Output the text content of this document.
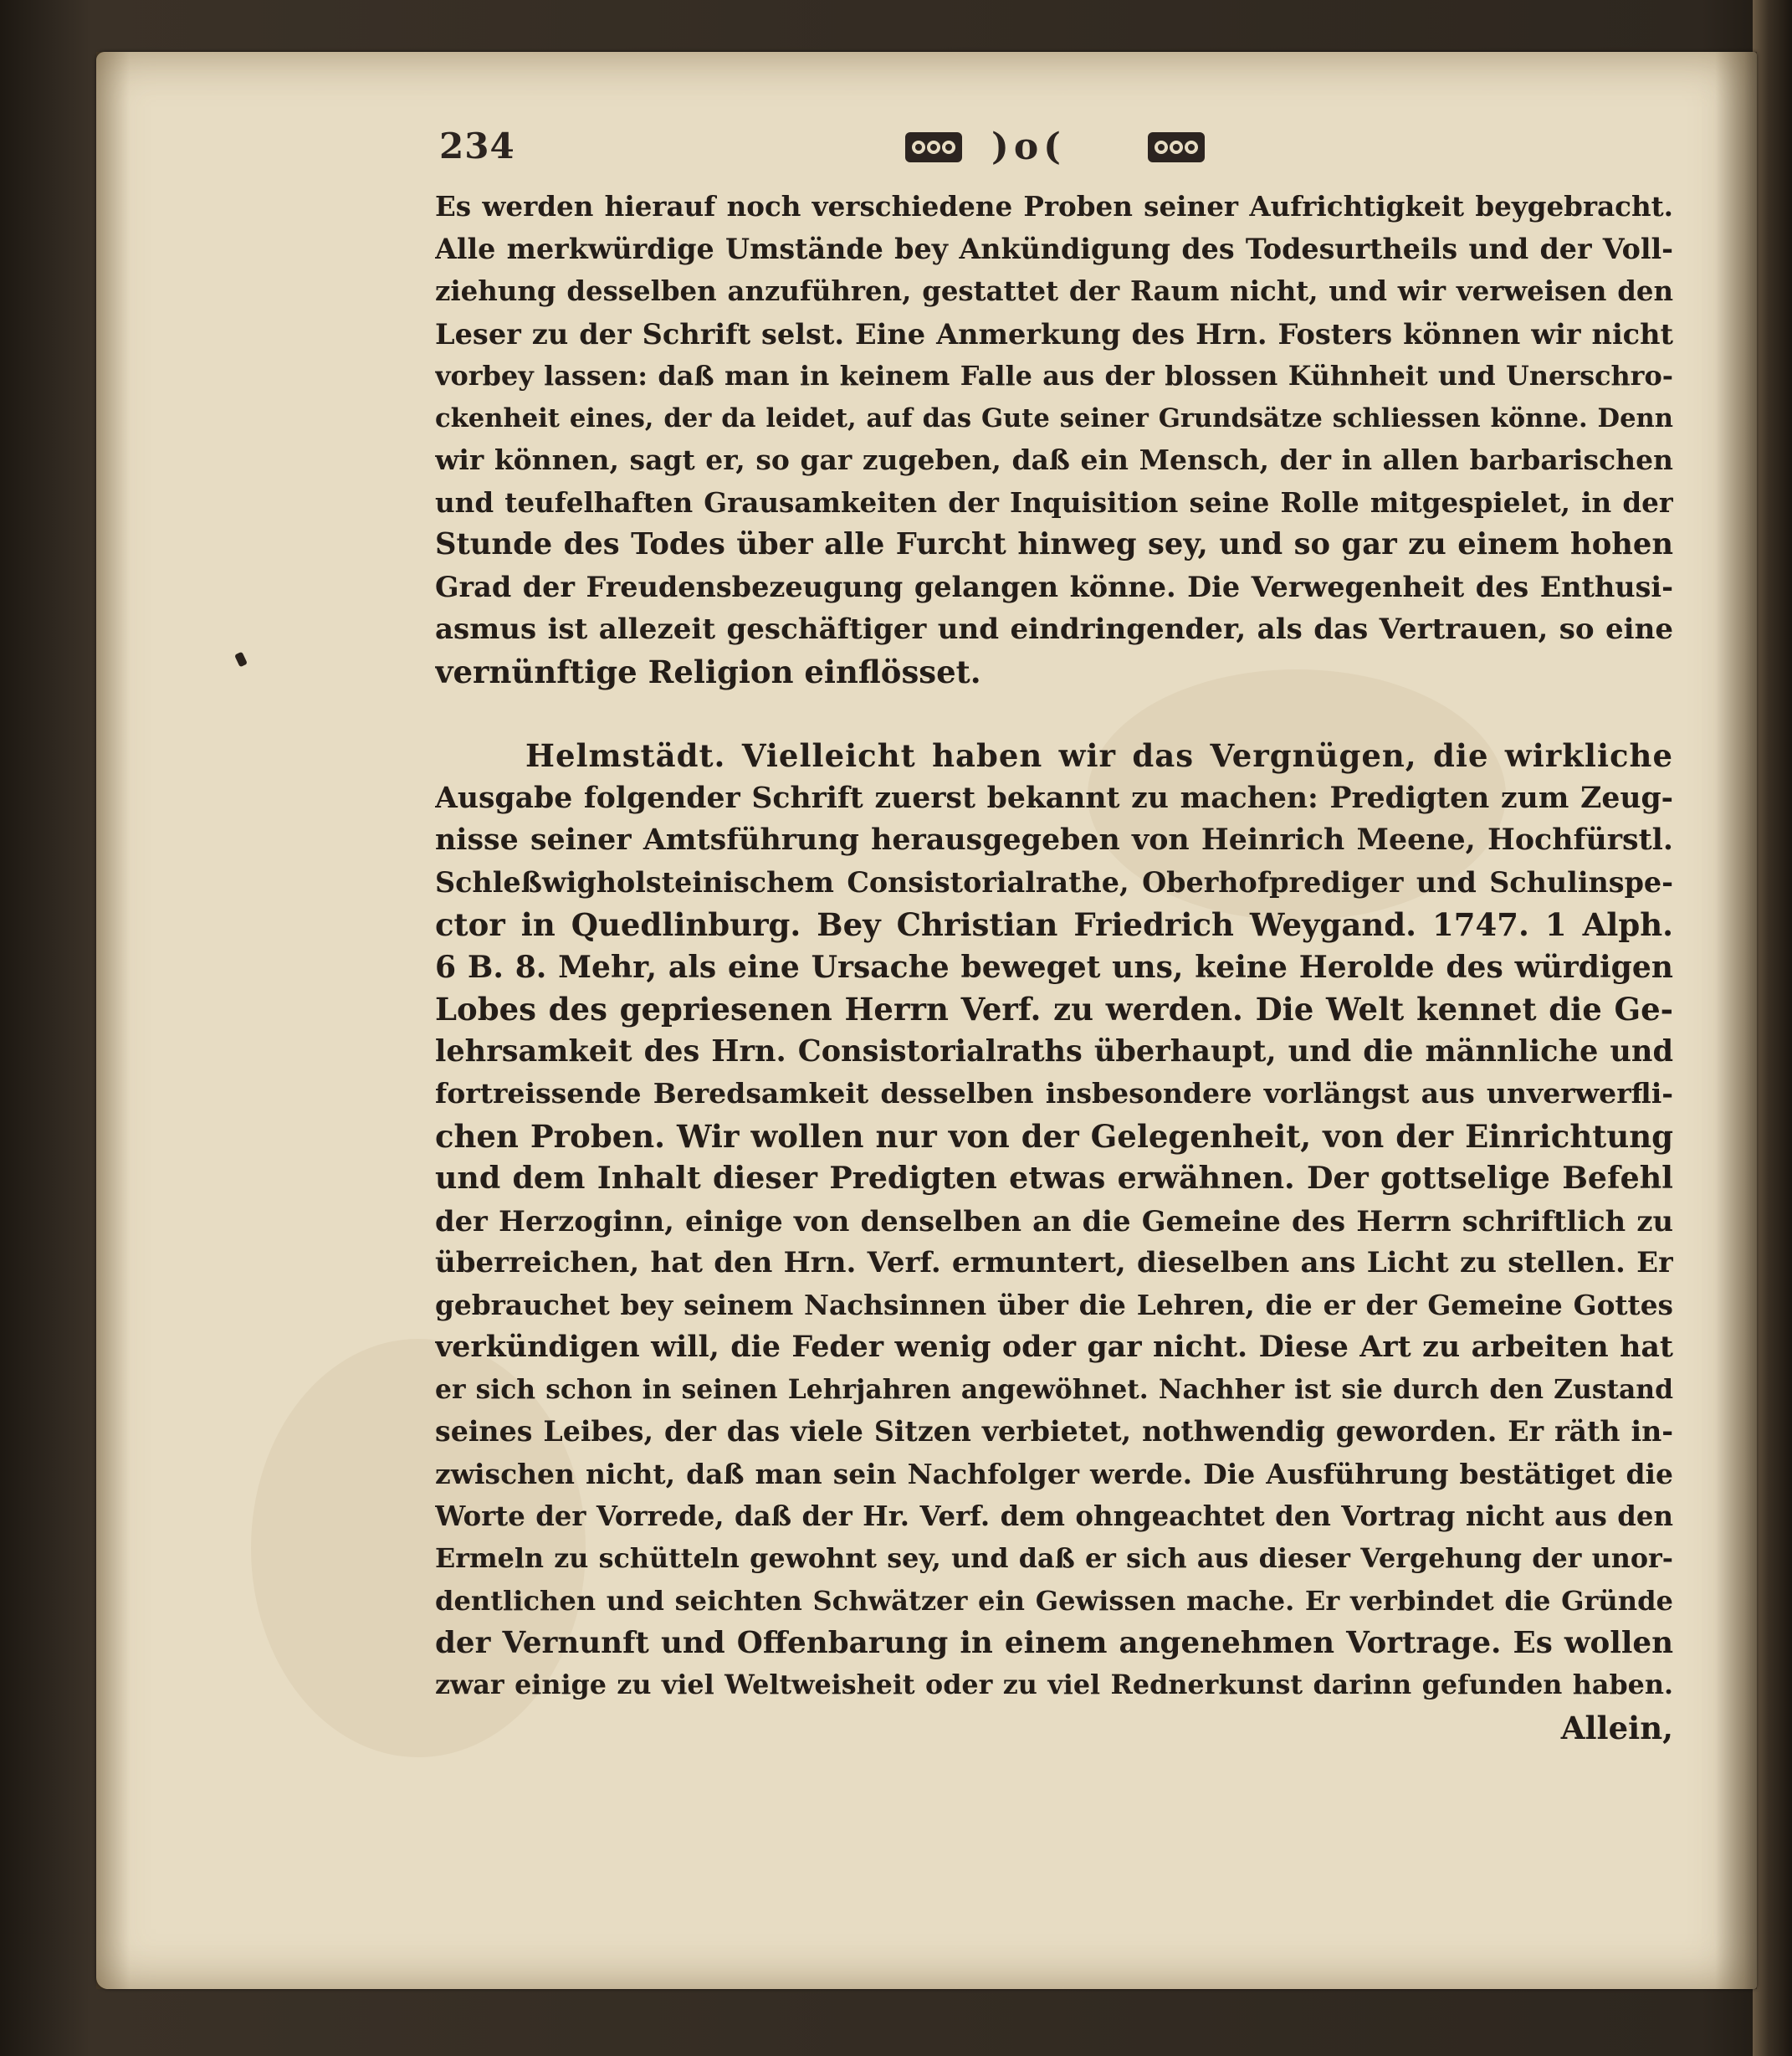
234	)o(
Es werden hierauf noch verschiedene Proben seiner Aufrichtigkeit beygebracht.
Alle merkwürdige Umstände bey Ankündigung des Todesurtheils und der Voll-
ziehung desselben anzuführen, gestattet der Raum nicht, und wir verweisen den
Leser zu der Schrift selst. Eine Anmerkung des Hrn. Fosters können wir nicht
vorbey lassen: daß man in keinem Falle aus der blossen Kühnheit und Unerschro-
ckenheit eines, der da leidet, auf das Gute seiner Grundsätze schliessen könne. Denn
wir können, sagt er, so gar zugeben, daß ein Mensch, der in allen barbarischen
und teufelhaften Grausamkeiten der Inquisition seine Rolle mitgespielet, in der
Stunde des Todes über alle Furcht hinweg sey, und so gar zu einem hohen
Grad der Freudensbezeugung gelangen könne. Die Verwegenheit des Enthusi-
asmus ist allezeit geschäftiger und eindringender, als das Vertrauen, so eine
vernünftige Religion einflösset.
Helmstädt. Vielleicht haben wir das Vergnügen, die wirkliche
Ausgabe folgender Schrift zuerst bekannt zu machen: Predigten zum Zeug-
nisse seiner Amtsführung herausgegeben von Heinrich Meene, Hochfürstl.
Schleßwigholsteinischem Consistorialrathe, Oberhofprediger und Schulinspe-
ctor in Quedlinburg. Bey Christian Friedrich Weygand. 1747. 1 Alph.
6 B. 8. Mehr, als eine Ursache beweget uns, keine Herolde des würdigen
Lobes des gepriesenen Herrn Verf. zu werden. Die Welt kennet die Ge-
lehrsamkeit des Hrn. Consistorialraths überhaupt, und die männliche und
fortreissende Beredsamkeit desselben insbesondere vorlängst aus unverwerfli-
chen Proben. Wir wollen nur von der Gelegenheit, von der Einrichtung
und dem Inhalt dieser Predigten etwas erwähnen. Der gottselige Befehl
der Herzoginn, einige von denselben an die Gemeine des Herrn schriftlich zu
überreichen, hat den Hrn. Verf. ermuntert, dieselben ans Licht zu stellen. Er
gebrauchet bey seinem Nachsinnen über die Lehren, die er der Gemeine Gottes
verkündigen will, die Feder wenig oder gar nicht. Diese Art zu arbeiten hat
er sich schon in seinen Lehrjahren angewöhnet. Nachher ist sie durch den Zustand
seines Leibes, der das viele Sitzen verbietet, nothwendig geworden. Er räth in-
zwischen nicht, daß man sein Nachfolger werde. Die Ausführung bestätiget die
Worte der Vorrede, daß der Hr. Verf. dem ohngeachtet den Vortrag nicht aus den
Ermeln zu schütteln gewohnt sey, und daß er sich aus dieser Vergehung der unor-
dentlichen und seichten Schwätzer ein Gewissen mache. Er verbindet die Gründe
der Vernunft und Offenbarung in einem angenehmen Vortrage. Es wollen
zwar einige zu viel Weltweisheit oder zu viel Rednerkunst darinn gefunden haben.
Allein,
